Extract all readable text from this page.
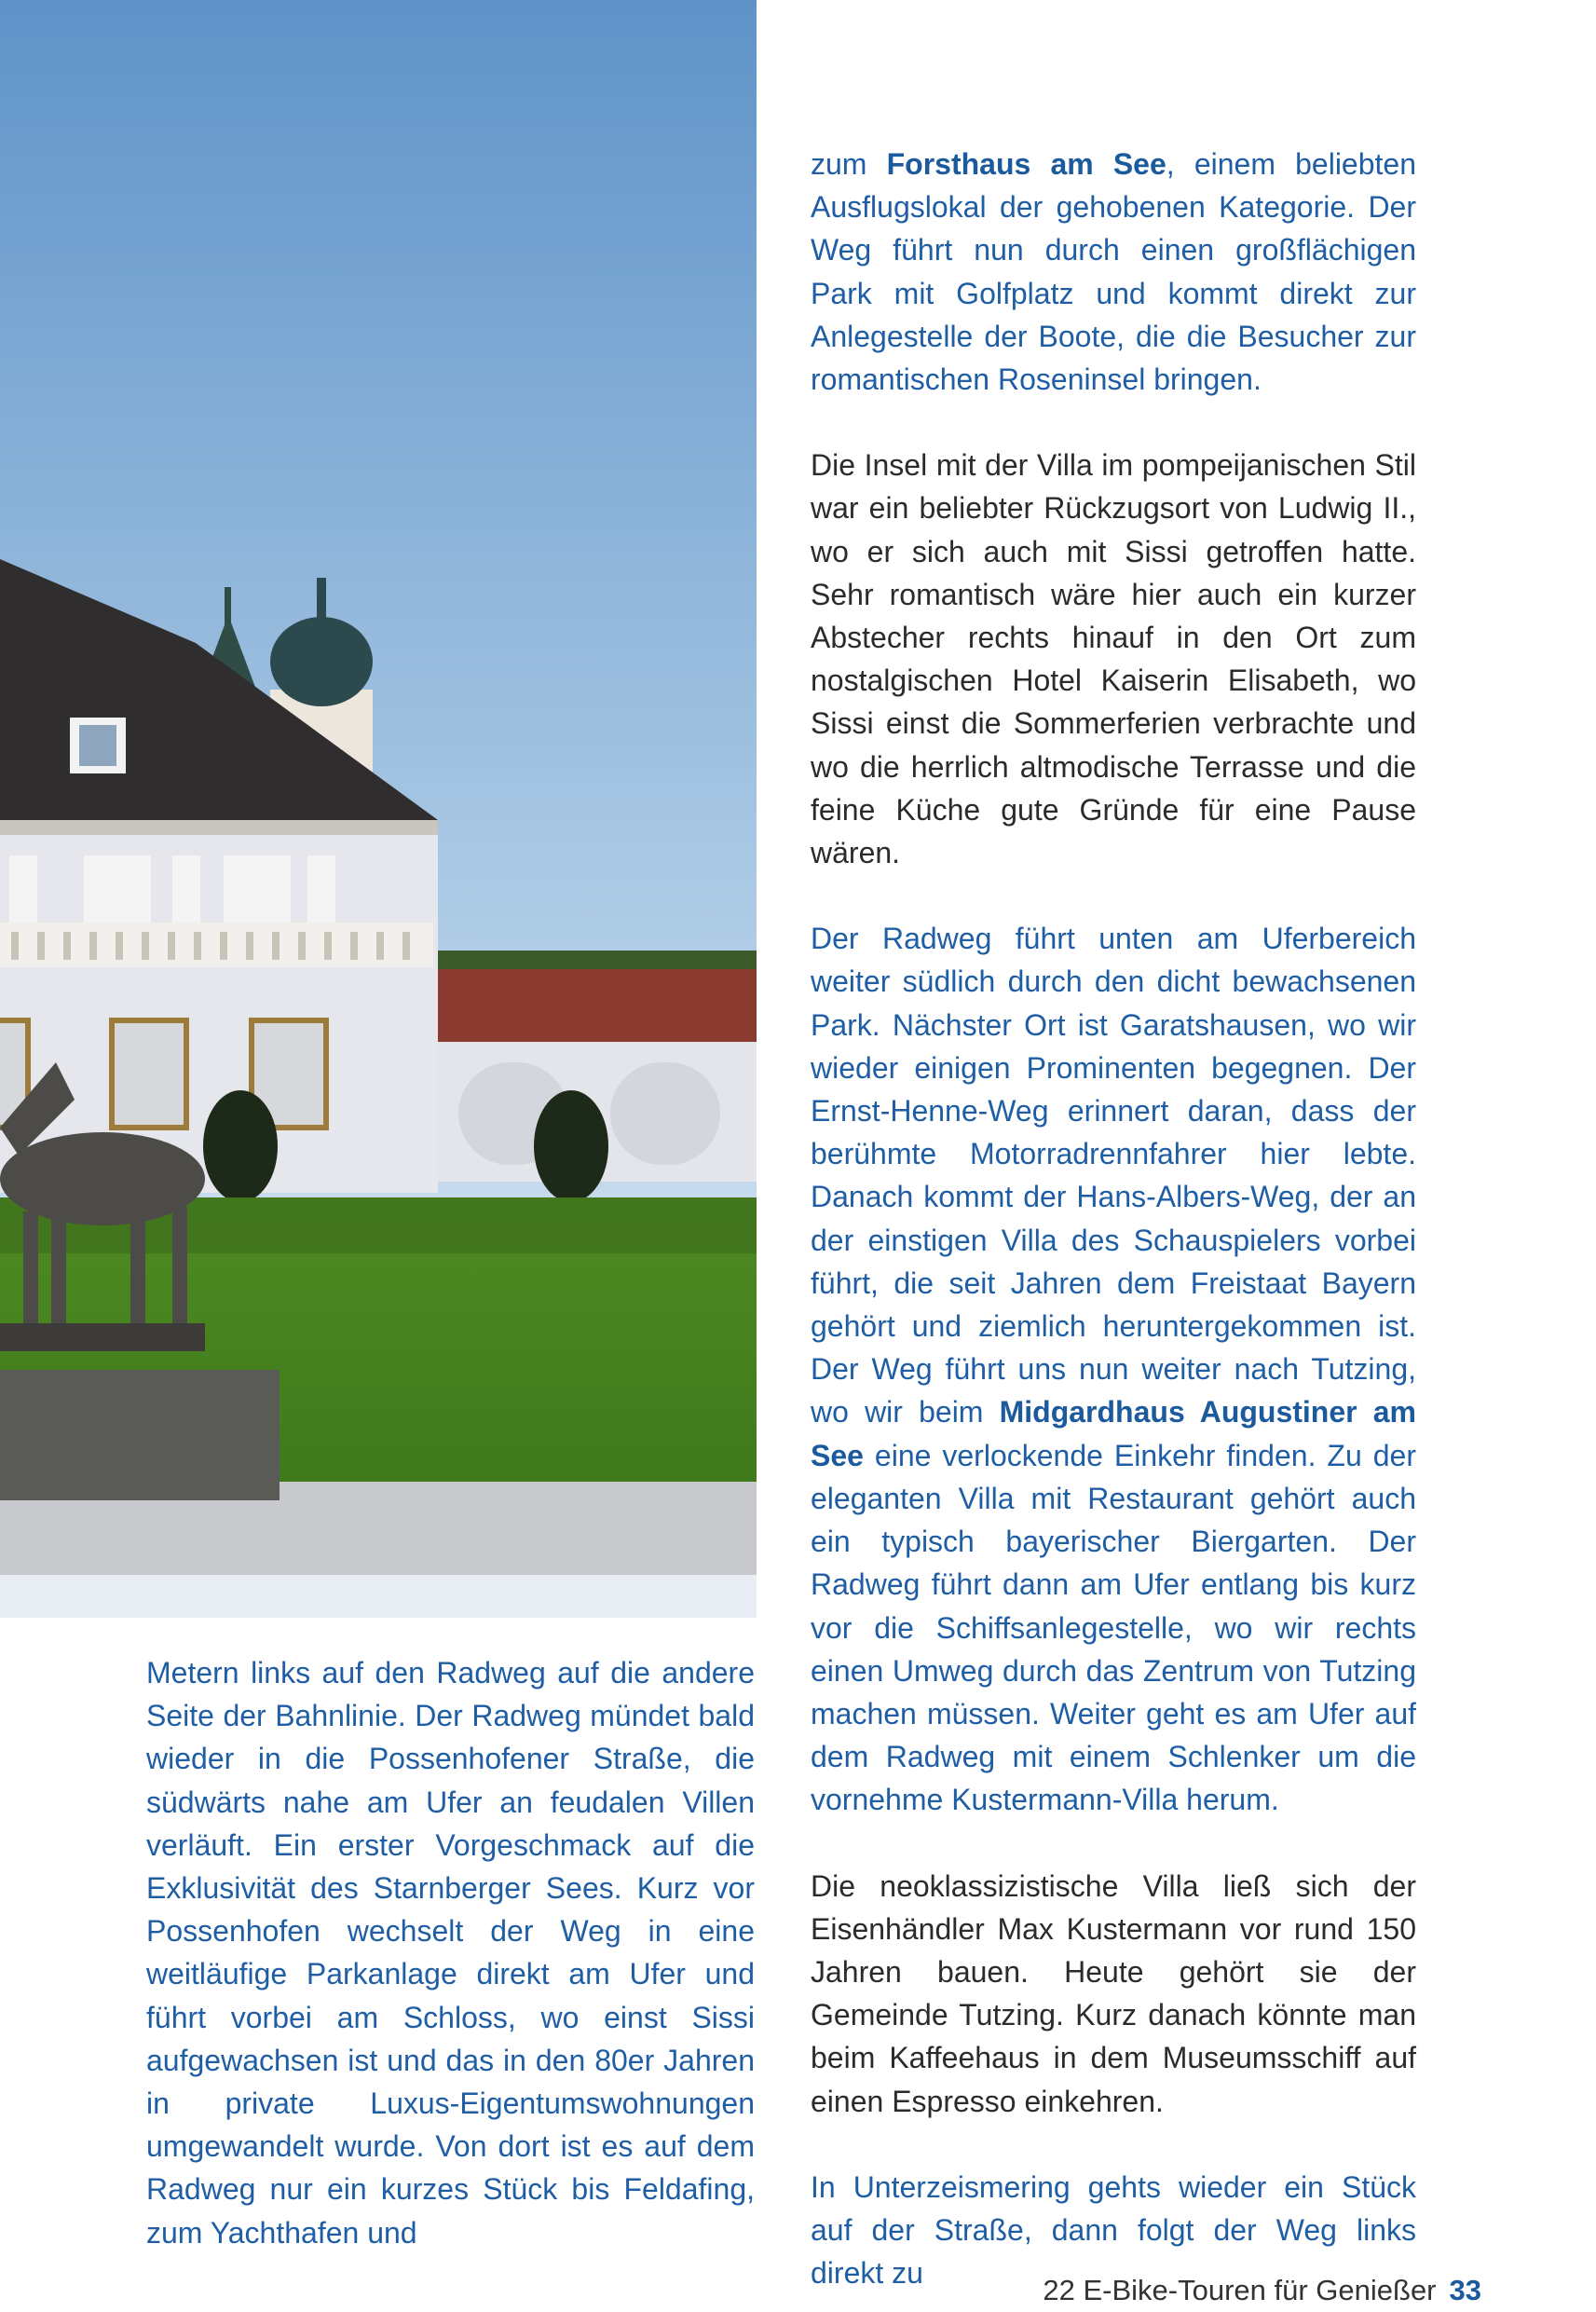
zum Forsthaus am See, einem beliebten Ausflugslokal der gehobenen Kategorie. Der Weg führt nun durch einen großflächigen Park mit Golfplatz und kommt direkt zur Anlegestelle der Boote, die die Besucher zur romantischen Roseninsel bringen.

Die Insel mit der Villa im pompeijanischen Stil war ein beliebter Rückzugsort von Ludwig II., wo er sich auch mit Sissi getroffen hatte. Sehr romantisch wäre hier auch ein kurzer Abstecher rechts hinauf in den Ort zum nostalgischen Hotel Kaiserin Elisabeth, wo Sissi einst die Sommerferien verbrachte und wo die herrlich altmodische Terrasse und die feine Küche gute Gründe für eine Pause wären.

Der Radweg führt unten am Uferbereich weiter südlich durch den dicht bewachsenen Park. Nächster Ort ist Garatshausen, wo wir wieder einigen Prominenten begegnen. Der Ernst-Henne-Weg erinnert daran, dass der berühmte Motorradrennfahrer hier lebte. Danach kommt der Hans-Albers-Weg, der an der einstigen Villa des Schauspielers vorbei führt, die seit Jahren dem Freistaat Bayern gehört und ziemlich heruntergekommen ist. Der Weg führt uns nun weiter nach Tutzing, wo wir beim Midgardhaus Augustiner am See eine verlockende Einkehr finden. Zu der eleganten Villa mit Restaurant gehört auch ein typisch bayerischer Biergarten. Der Radweg führt dann am Ufer entlang bis kurz vor die Schiffsanlegestelle, wo wir rechts einen Umweg durch das Zentrum von Tutzing machen müssen. Weiter geht es am Ufer auf dem Radweg mit einem Schlenker um die vornehme Kustermann-Villa herum.

Die neoklassizistische Villa ließ sich der Eisenhändler Max Kustermann vor rund 150 Jahren bauen. Heute gehört sie der Gemeinde Tutzing. Kurz danach könnte man beim Kaffeehaus in dem Museumsschiff auf einen Espresso einkehren.

In Unterzeismering gehts wieder ein Stück auf der Straße, dann folgt der Weg links direkt zu

Metern links auf den Radweg auf die andere Seite der Bahnlinie. Der Radweg mündet bald wieder in die Possenhofener Straße, die südwärts nahe am Ufer an feudalen Villen verläuft. Ein erster Vorgeschmack auf die Exklusivität des Starnberger Sees. Kurz vor Possenhofen wechselt der Weg in eine weitläufige Parkanlage direkt am Ufer und führt vorbei am Schloss, wo einst Sissi aufgewachsen ist und das in den 80er Jahren in private Luxus-Eigentumswohnungen umgewandelt wurde. Von dort ist es auf dem Radweg nur ein kurzes Stück bis Feldafing, zum Yachthafen und

22 E-Bike-Touren für Genießer 33
